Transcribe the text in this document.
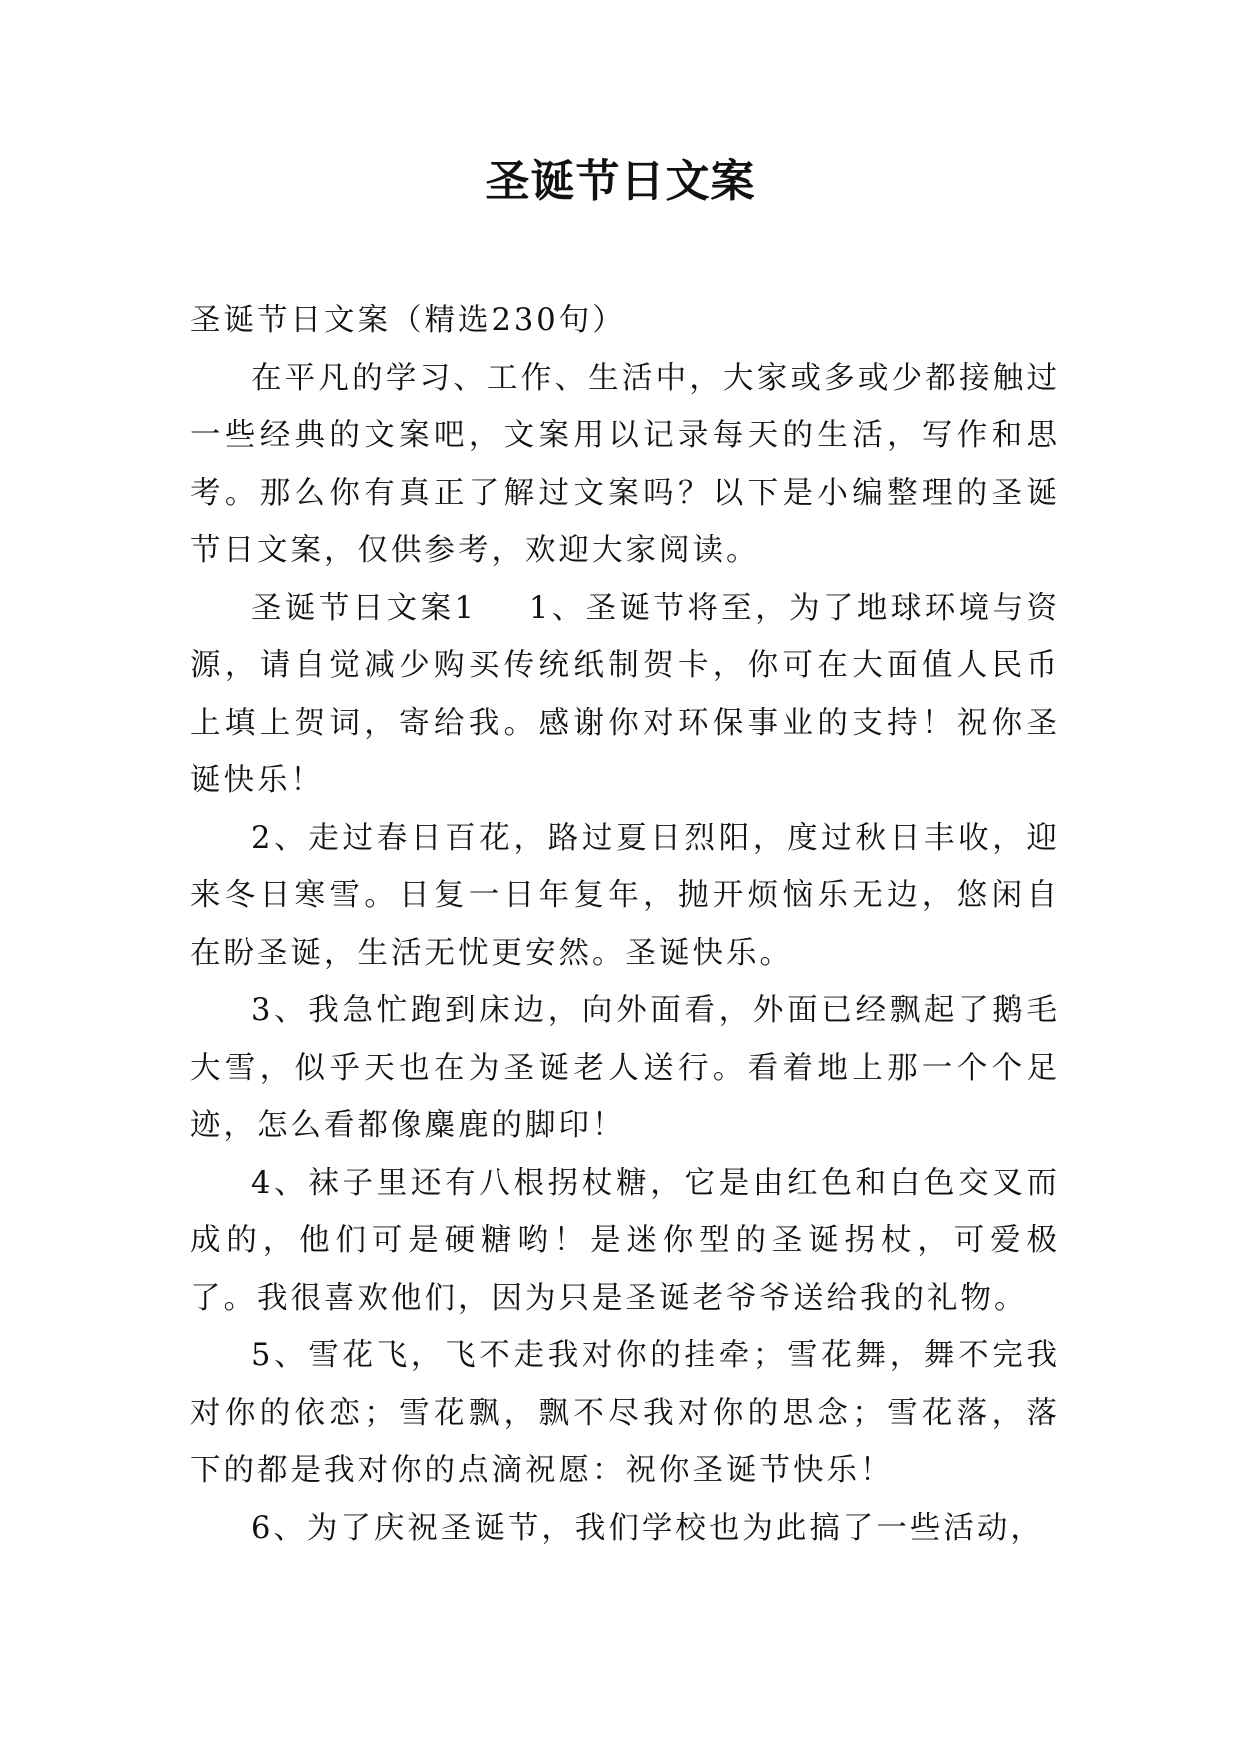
圣诞节日文案

圣诞节日文案（精选230句）

在平凡的学习、工作、生活中，大家或多或少都接触过一些经典的文案吧，文案用以记录每天的生活，写作和思考。那么你有真正了解过文案吗？以下是小编整理的圣诞节日文案，仅供参考，欢迎大家阅读。

圣诞节日文案1 1、圣诞节将至，为了地球环境与资源，请自觉减少购买传统纸制贺卡，你可在大面值人民币上填上贺词，寄给我。感谢你对环保事业的支持！祝你圣诞快乐！

2、走过春日百花，路过夏日烈阳，度过秋日丰收，迎来冬日寒雪。日复一日年复年，抛开烦恼乐无边，悠闲自在盼圣诞，生活无忧更安然。圣诞快乐。

3、我急忙跑到床边，向外面看，外面已经飘起了鹅毛大雪，似乎天也在为圣诞老人送行。看着地上那一个个足迹，怎么看都像麋鹿的脚印！

4、袜子里还有八根拐杖糖，它是由红色和白色交叉而成的，他们可是硬糖哟！是迷你型的圣诞拐杖，可爱极了。我很喜欢他们，因为只是圣诞老爷爷送给我的礼物。

5、雪花飞，飞不走我对你的挂牵；雪花舞，舞不完我对你的依恋；雪花飘，飘不尽我对你的思念；雪花落，落下的都是我对你的点滴祝愿：祝你圣诞节快乐！

6、为了庆祝圣诞节，我们学校也为此搞了一些活动，
